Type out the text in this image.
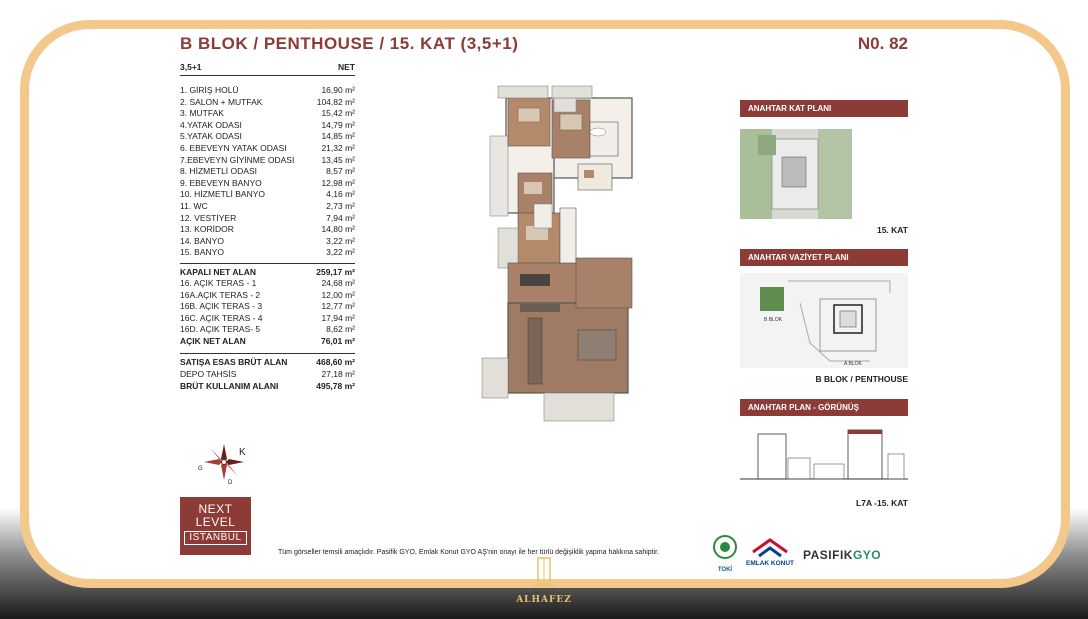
B BLOK / PENTHOUSE / 15. KAT (3,5+1)	N0. 82
3,5+1	NET
1. GİRİŞ HOLÜ	16,90 m²
2. SALON + MUTFAK	104,82 m²
3. MUTFAK	15,42 m²
4.YATAK ODASI	14,79 m²
5.YATAK ODASI	14,85 m²
6. EBEVEYN YATAK ODASI	21,32 m²
7.EBEVEYN GİYİNME ODASI	13,45 m²
8. HİZMETLİ ODASI	8,57 m²
9. EBEVEYN BANYO	12,98 m²
10. HİZMETLİ BANYO	4,16 m²
11. WC	2,73 m²
12. VESTİYER	7,94 m²
13. KORİDOR	14,80 m²
14. BANYO	3,22 m²
15. BANYO	3,22 m²
KAPALI NET ALAN	259,17 m²
16. AÇIK TERAS - 1	24,68 m²
16A.AÇIK TERAS - 2	12,00 m²
16B. AÇIK TERAS - 3	12,77 m²
16C. AÇIK TERAS - 4	17,94 m²
16D. AÇIK TERAS- 5	8,62 m²
AÇIK NET ALAN	76,01 m²
SATIŞA ESAS BRÜT ALAN	468,60 m²
DEPO TAHSİS	27,18 m²
BRÜT KULLANIM ALANI	495,78 m²
K
G
D
ANAHTAR KAT PLANI
15. KAT
ANAHTAR VAZİYET PLANI
B BLOK
A BLOK
B BLOK / PENTHOUSE
ANAHTAR PLAN - GÖRÜNÜŞ
L7A -15. KAT
NEXT
LEVEL
İSTANBUL
Tüm görseller temsili amaçlıdır. Pasifik GYO, Emlak Konut GYO AŞ'nin onayı ile her türlü değişiklik yapma hakkına sahiptir.
TOKİ
EMLAK KONUT
PASIFIKGYO
ALHAFEZ
